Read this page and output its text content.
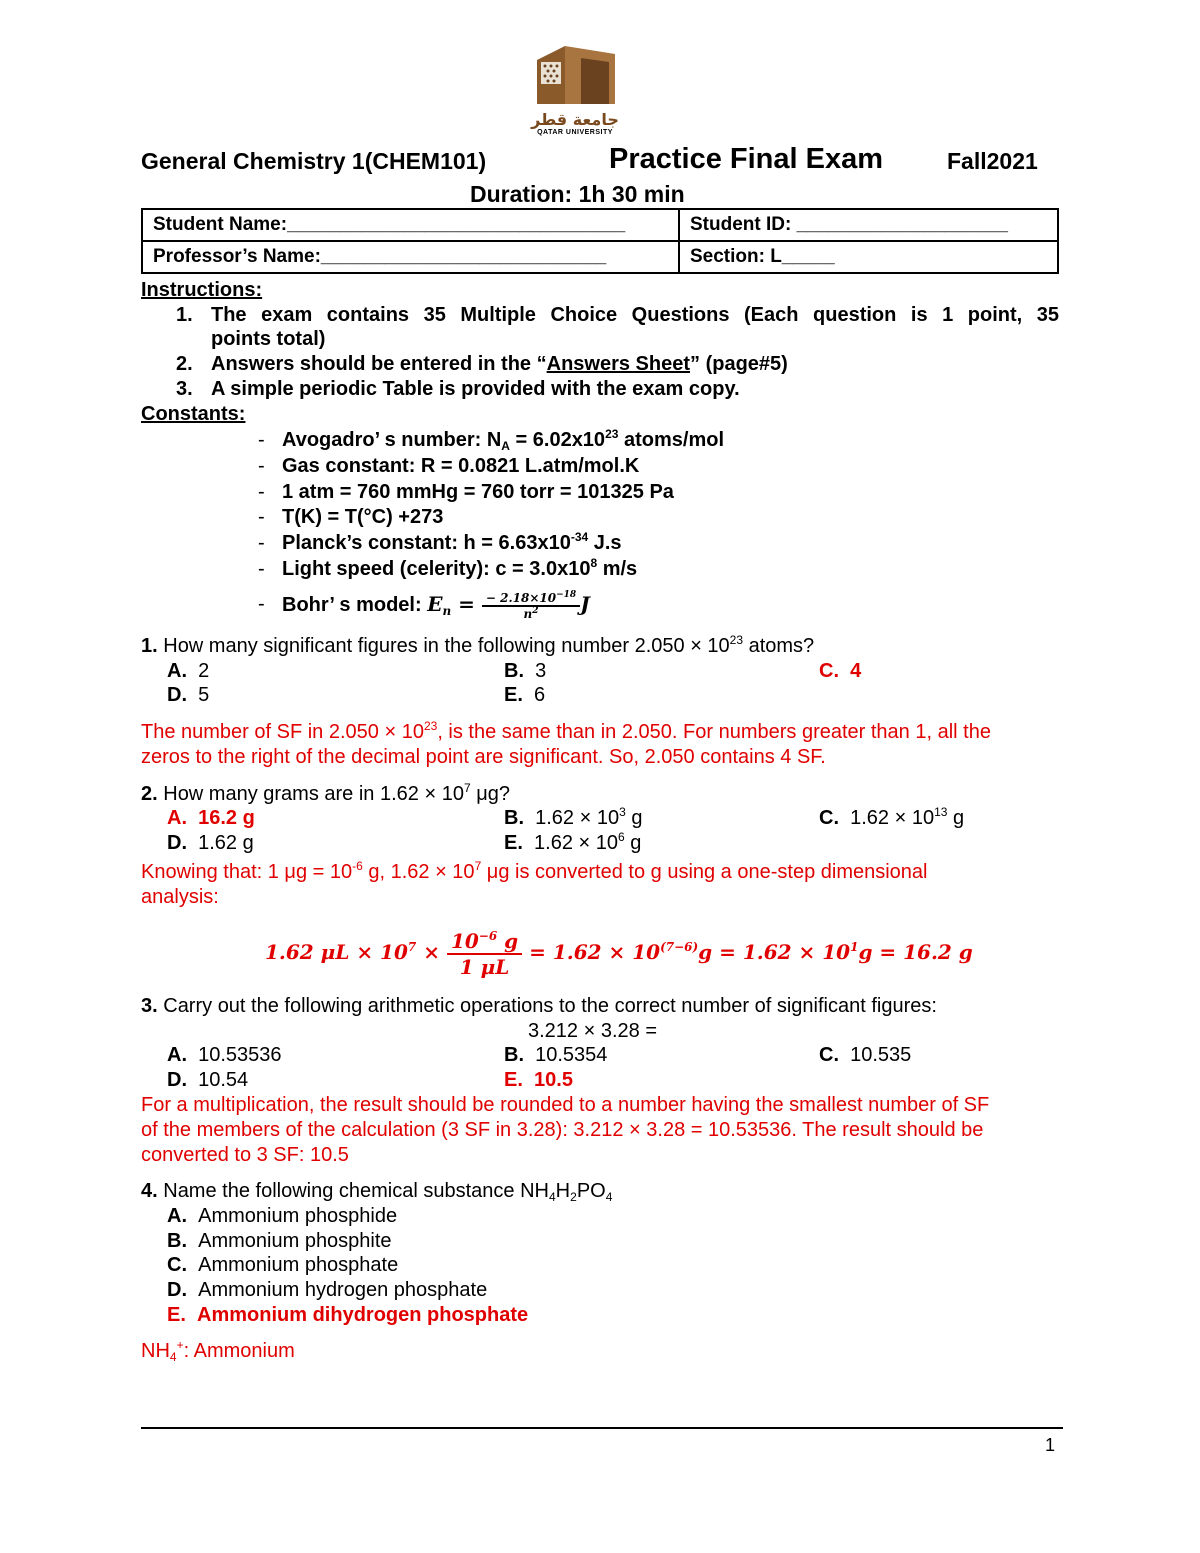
جامعة قطر
QATAR UNIVERSITY
General Chemistry 1(CHEM101)	Practice Final Exam	Fall2021
Duration: 1h 30 min
Student Name:________________________________	Student ID: ____________________
Professor’s Name:___________________________	Section: L_____
Instructions:
1. The exam contains 35 Multiple Choice Questions (Each question is 1 point, 35
points total)
2. Answers should be entered in the “Answers Sheet” (page#5)
3. A simple periodic Table is provided with the exam copy.
Constants:
- Avogadro’ s number: $N_A = 6.02x10^{23}$ atoms/mol
- Gas constant: R = 0.0821 L.atm/mol.K
- 1 atm = 760 mmHg = 760 torr = 101325 Pa
- T(K) = T(°C) +273
- Planck’s constant: $h = 6.63x10^{-34}$ J.s
- Light speed (celerity): $c = 3.0x10^8$ m/s
- Bohr’ s model: $E_n = \frac{- 2.18\times 10^{-18}}{n^2}$ J
1. How many significant figures in the following number $2.050 \times 10^{23}$ atoms?
A. 2	B. 3	C. 4
D. 5	E. 6
The number of SF in $2.050 \times 10^{23}$, is the same than in 2.050. For numbers greater than 1, all the
zeros to the right of the decimal point are significant. So, 2.050 contains 4 SF.
2. How many grams are in $1.62 \times 10^7$ μg?
A. 16.2 g	B. $1.62 \times 10^3$ g	C. $1.62 \times 10^{13}$ g
D. 1.62 g	E. $1.62 \times 10^6$ g
Knowing that: 1 $\mu g = 10^{-6}$ g, $1.62 \times 10^7$ μg is converted to g using a one-step dimensional
analysis:
1.62 $\mu L \times 10^7 \times \frac{10^{-6} g}{1 \mu L} = 1.62 \times 10^{(7-6)}g = 1.62 \times 10^1g = 16.2$ g
3. Carry out the following arithmetic operations to the correct number of significant figures:
3.212 × 3.28 =
A. 10.53536	B. 10.5354	C. 10.535
D. 10.54	E. 10.5
For a multiplication, the result should be rounded to a number having the smallest number of SF
of the members of the calculation (3 SF in 3.28): 3.212 × 3.28 = 10.53536. The result should be
converted to 3 SF: 10.5
4. Name the following chemical substance $NH_4H_2PO_4$
A. Ammonium phosphide
B. Ammonium phosphite
C. Ammonium phosphate
D. Ammonium hydrogen phosphate
E. Ammonium dihydrogen phosphate
$NH_4^+$: Ammonium
1
